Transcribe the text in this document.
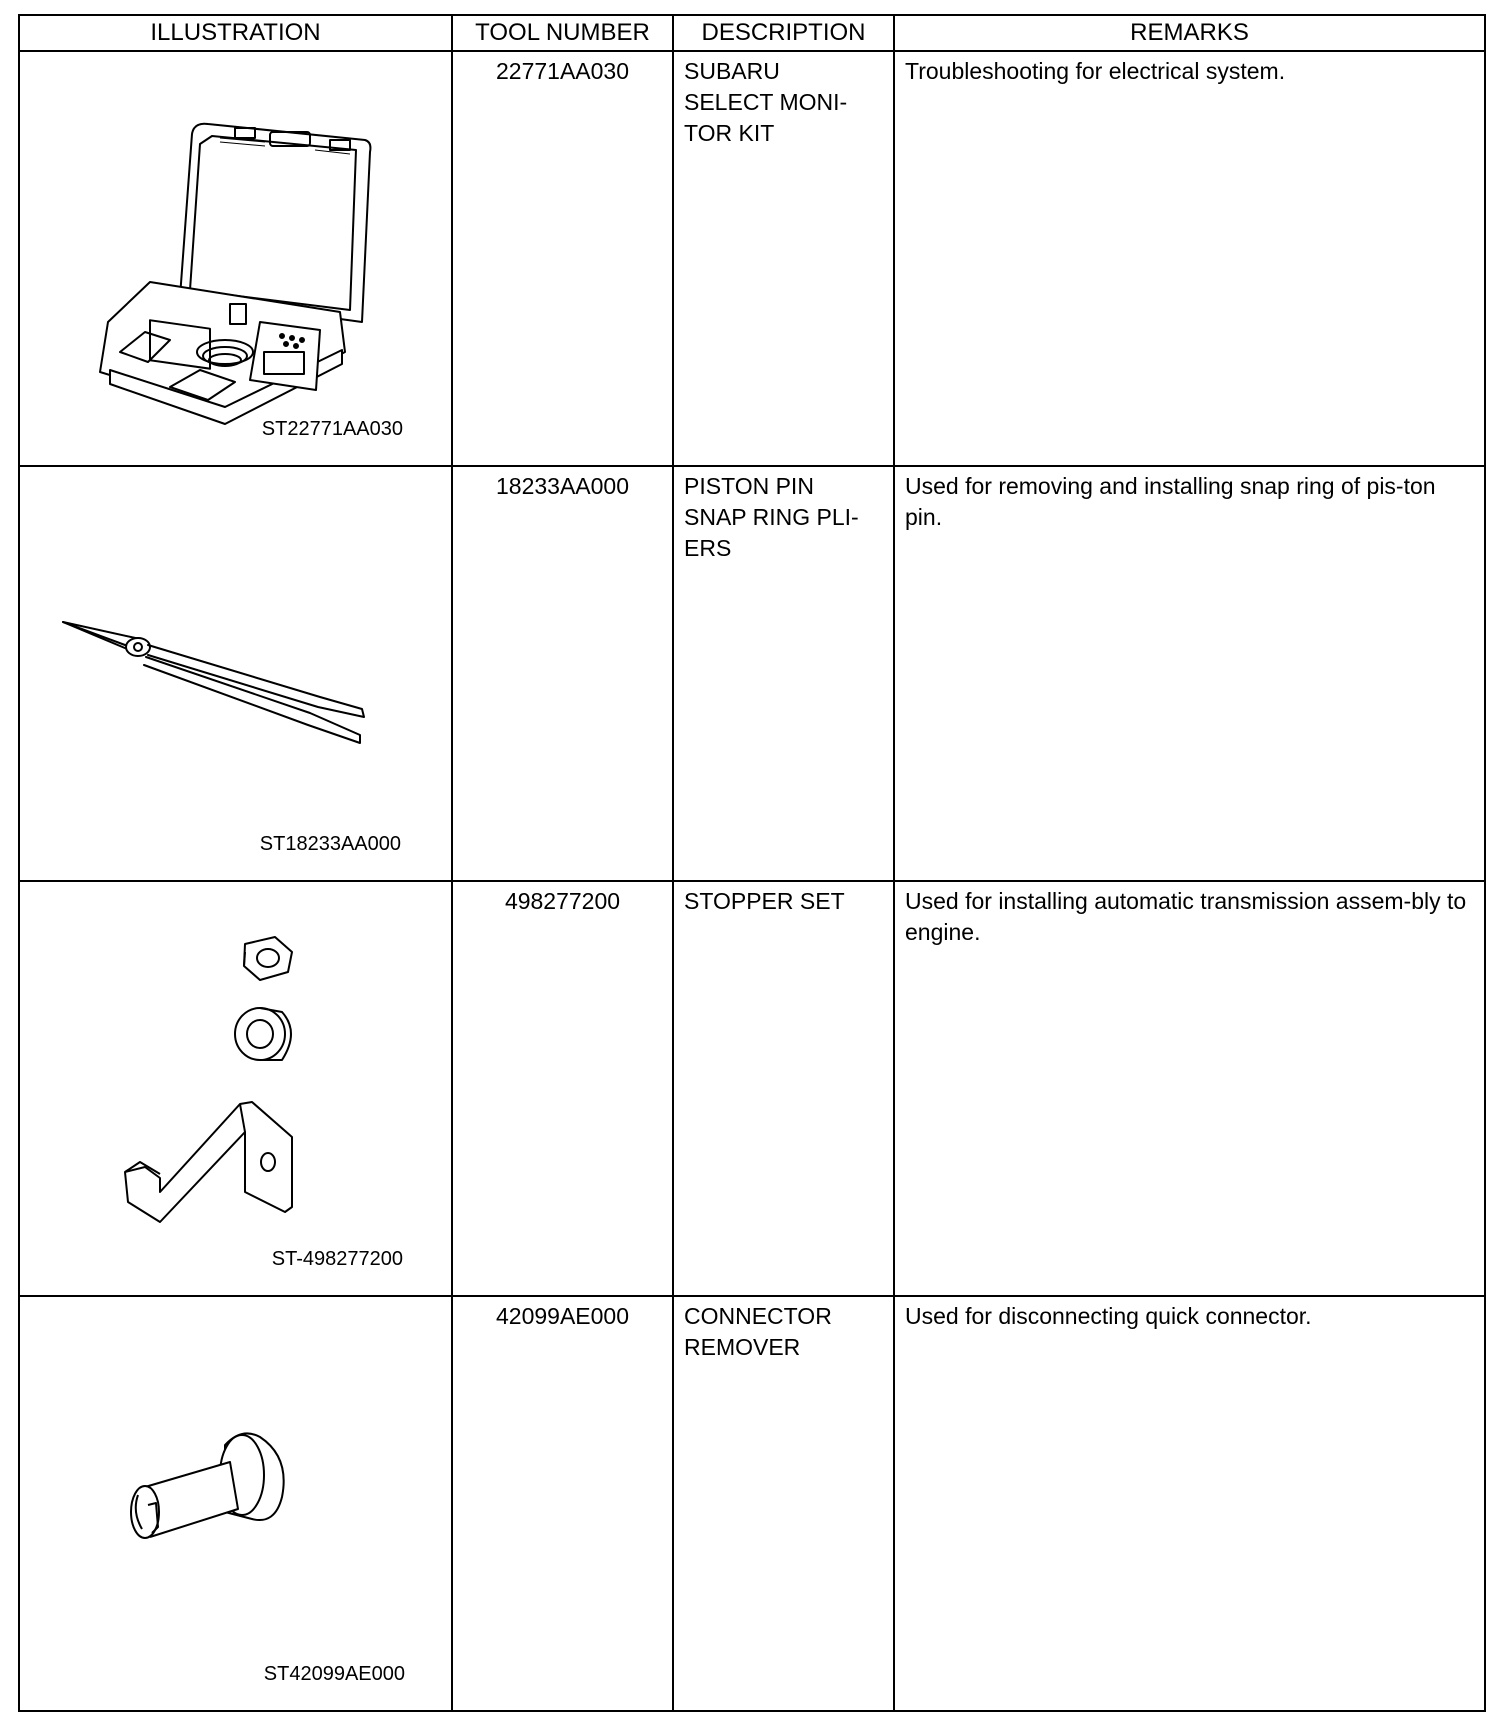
ILLUSTRATION	TOOL NUMBER	DESCRIPTION	REMARKS

ST22771AA030	22771AA030	SUBARU
SELECT MONI-
TOR KIT	Troubleshooting for electrical system.

ST18233AA000	18233AA000	PISTON PIN
SNAP RING PLI-
ERS	Used for removing and installing snap ring of pis-ton pin.

ST-498277200	498277200	STOPPER SET	Used for installing automatic transmission assem-bly to engine.

ST42099AE000	42099AE000	CONNECTOR
REMOVER	Used for disconnecting quick connector.
